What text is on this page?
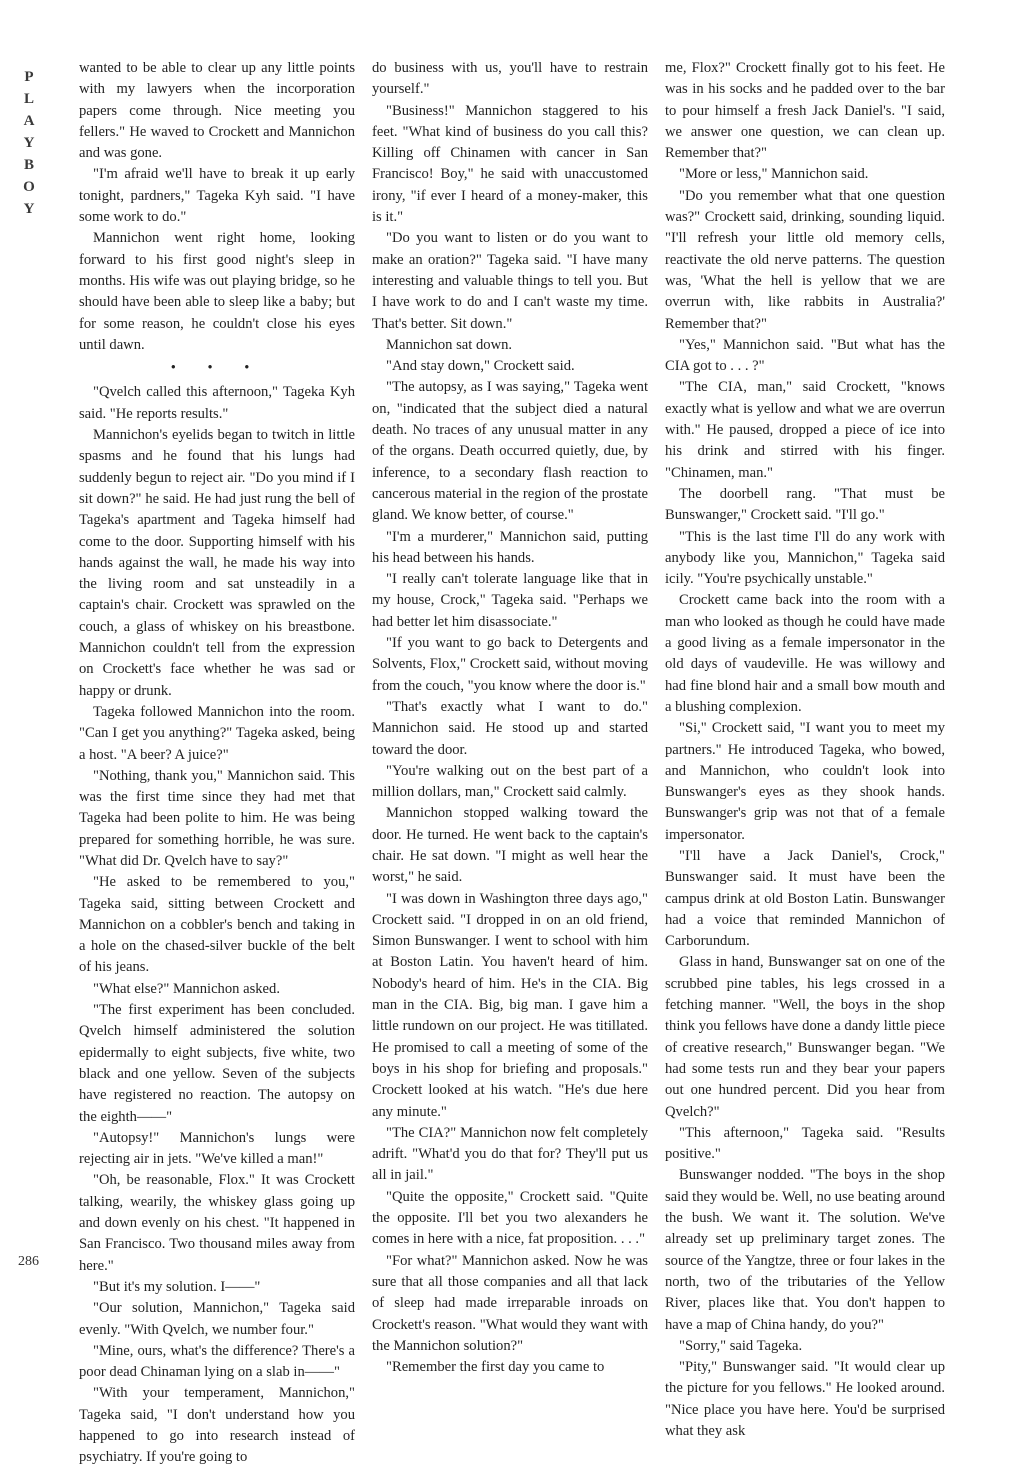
P
L
A
Y
B
O
Y
286

wanted to be able to clear up any little points with my lawyers when the incorporation papers come through. Nice meeting you fellers." He waved to Crockett and Mannichon and was gone.

"I'm afraid we'll have to break it up early tonight, pardners," Tageka Kyh said. "I have some work to do."

Mannichon went right home, looking forward to his first good night's sleep in months. His wife was out playing bridge, so he should have been able to sleep like a baby; but for some reason, he couldn't close his eyes until dawn.

• • •

"Qvelch called this afternoon," Tageka Kyh said. "He reports results."

Mannichon's eyelids began to twitch in little spasms and he found that his lungs had suddenly begun to reject air. "Do you mind if I sit down?" he said. He had just rung the bell of Tageka's apartment and Tageka himself had come to the door. Supporting himself with his hands against the wall, he made his way into the living room and sat unsteadily in a captain's chair. Crockett was sprawled on the couch, a glass of whiskey on his breastbone. Mannichon couldn't tell from the expression on Crockett's face whether he was sad or happy or drunk.

Tageka followed Mannichon into the room. "Can I get you anything?" Tageka asked, being a host. "A beer? A juice?"

"Nothing, thank you," Mannichon said. This was the first time since they had met that Tageka had been polite to him. He was being prepared for something horrible, he was sure. "What did Dr. Qvelch have to say?"

"He asked to be remembered to you," Tageka said, sitting between Crockett and Mannichon on a cobbler's bench and taking in a hole on the chased-silver buckle of the belt of his jeans.

"What else?" Mannichon asked.

"The first experiment has been concluded. Qvelch himself administered the solution epidermally to eight subjects, five white, two black and one yellow. Seven of the subjects have registered no reaction. The autopsy on the eighth——"

"Autopsy!" Mannichon's lungs were rejecting air in jets. "We've killed a man!"

"Oh, be reasonable, Flox." It was Crockett talking, wearily, the whiskey glass going up and down evenly on his chest. "It happened in San Francisco. Two thousand miles away from here."

"But it's my solution. I——"

"Our solution, Mannichon," Tageka said evenly. "With Qvelch, we number four."

"Mine, ours, what's the difference? There's a poor dead Chinaman lying on a slab in——"

"With your temperament, Mannichon," Tageka said, "I don't understand how you happened to go into research instead of psychiatry. If you're going to

do business with us, you'll have to restrain yourself."

"Business!" Mannichon staggered to his feet. "What kind of business do you call this? Killing off Chinamen with cancer in San Francisco! Boy," he said with unaccustomed irony, "if ever I heard of a money-maker, this is it."

"Do you want to listen or do you want to make an oration?" Tageka said. "I have many interesting and valuable things to tell you. But I have work to do and I can't waste my time. That's better. Sit down."

Mannichon sat down.

"And stay down," Crockett said.

"The autopsy, as I was saying," Tageka went on, "indicated that the subject died a natural death. No traces of any unusual matter in any of the organs. Death occurred quietly, due, by inference, to a secondary flash reaction to cancerous material in the region of the prostate gland. We know better, of course."

"I'm a murderer," Mannichon said, putting his head between his hands.

"I really can't tolerate language like that in my house, Crock," Tageka said. "Perhaps we had better let him disassociate."

"If you want to go back to Detergents and Solvents, Flox," Crockett said, without moving from the couch, "you know where the door is."

"That's exactly what I want to do." Mannichon said. He stood up and started toward the door.

"You're walking out on the best part of a million dollars, man," Crockett said calmly.

Mannichon stopped walking toward the door. He turned. He went back to the captain's chair. He sat down. "I might as well hear the worst," he said.

"I was down in Washington three days ago," Crockett said. "I dropped in on an old friend, Simon Bunswanger. I went to school with him at Boston Latin. You haven't heard of him. Nobody's heard of him. He's in the CIA. Big man in the CIA. Big, big man. I gave him a little rundown on our project. He was titillated. He promised to call a meeting of some of the boys in his shop for briefing and proposals." Crockett looked at his watch. "He's due here any minute."

"The CIA?" Mannichon now felt completely adrift. "What'd you do that for? They'll put us all in jail."

"Quite the opposite," Crockett said. "Quite the opposite. I'll bet you two alexanders he comes in here with a nice, fat proposition. . . ."

"For what?" Mannichon asked. Now he was sure that all those companies and all that lack of sleep had made irreparable inroads on Crockett's reason. "What would they want with the Mannichon solution?"

"Remember the first day you came to

me, Flox?" Crockett finally got to his feet. He was in his socks and he padded over to the bar to pour himself a fresh Jack Daniel's. "I said, we answer one question, we can clean up. Remember that?"

"More or less," Mannichon said.

"Do you remember what that one question was?" Crockett said, drinking, sounding liquid. "I'll refresh your little old memory cells, reactivate the old nerve patterns. The question was, 'What the hell is yellow that we are overrun with, like rabbits in Australia?' Remember that?"

"Yes," Mannichon said. "But what has the CIA got to . . . ?"

"The CIA, man," said Crockett, "knows exactly what is yellow and what we are overrun with." He paused, dropped a piece of ice into his drink and stirred with his finger. "Chinamen, man."

The doorbell rang. "That must be Bunswanger," Crockett said. "I'll go."

"This is the last time I'll do any work with anybody like you, Mannichon," Tageka said icily. "You're psychically unstable."

Crockett came back into the room with a man who looked as though he could have made a good living as a female impersonator in the old days of vaudeville. He was willowy and had fine blond hair and a small bow mouth and a blushing complexion.

"Si," Crockett said, "I want you to meet my partners." He introduced Tageka, who bowed, and Mannichon, who couldn't look into Bunswanger's eyes as they shook hands. Bunswanger's grip was not that of a female impersonator.

"I'll have a Jack Daniel's, Crock," Bunswanger said. It must have been the campus drink at old Boston Latin. Bunswanger had a voice that reminded Mannichon of Carborundum.

Glass in hand, Bunswanger sat on one of the scrubbed pine tables, his legs crossed in a fetching manner. "Well, the boys in the shop think you fellows have done a dandy little piece of creative research," Bunswanger began. "We had some tests run and they bear your papers out one hundred percent. Did you hear from Qvelch?"

"This afternoon," Tageka said. "Results positive."

Bunswanger nodded. "The boys in the shop said they would be. Well, no use beating around the bush. We want it. The solution. We've already set up preliminary target zones. The source of the Yangtze, three or four lakes in the north, two of the tributaries of the Yellow River, places like that. You don't happen to have a map of China handy, do you?"

"Sorry," said Tageka.

"Pity," Bunswanger said. "It would clear up the picture for you fellows." He looked around. "Nice place you have here. You'd be surprised what they ask
